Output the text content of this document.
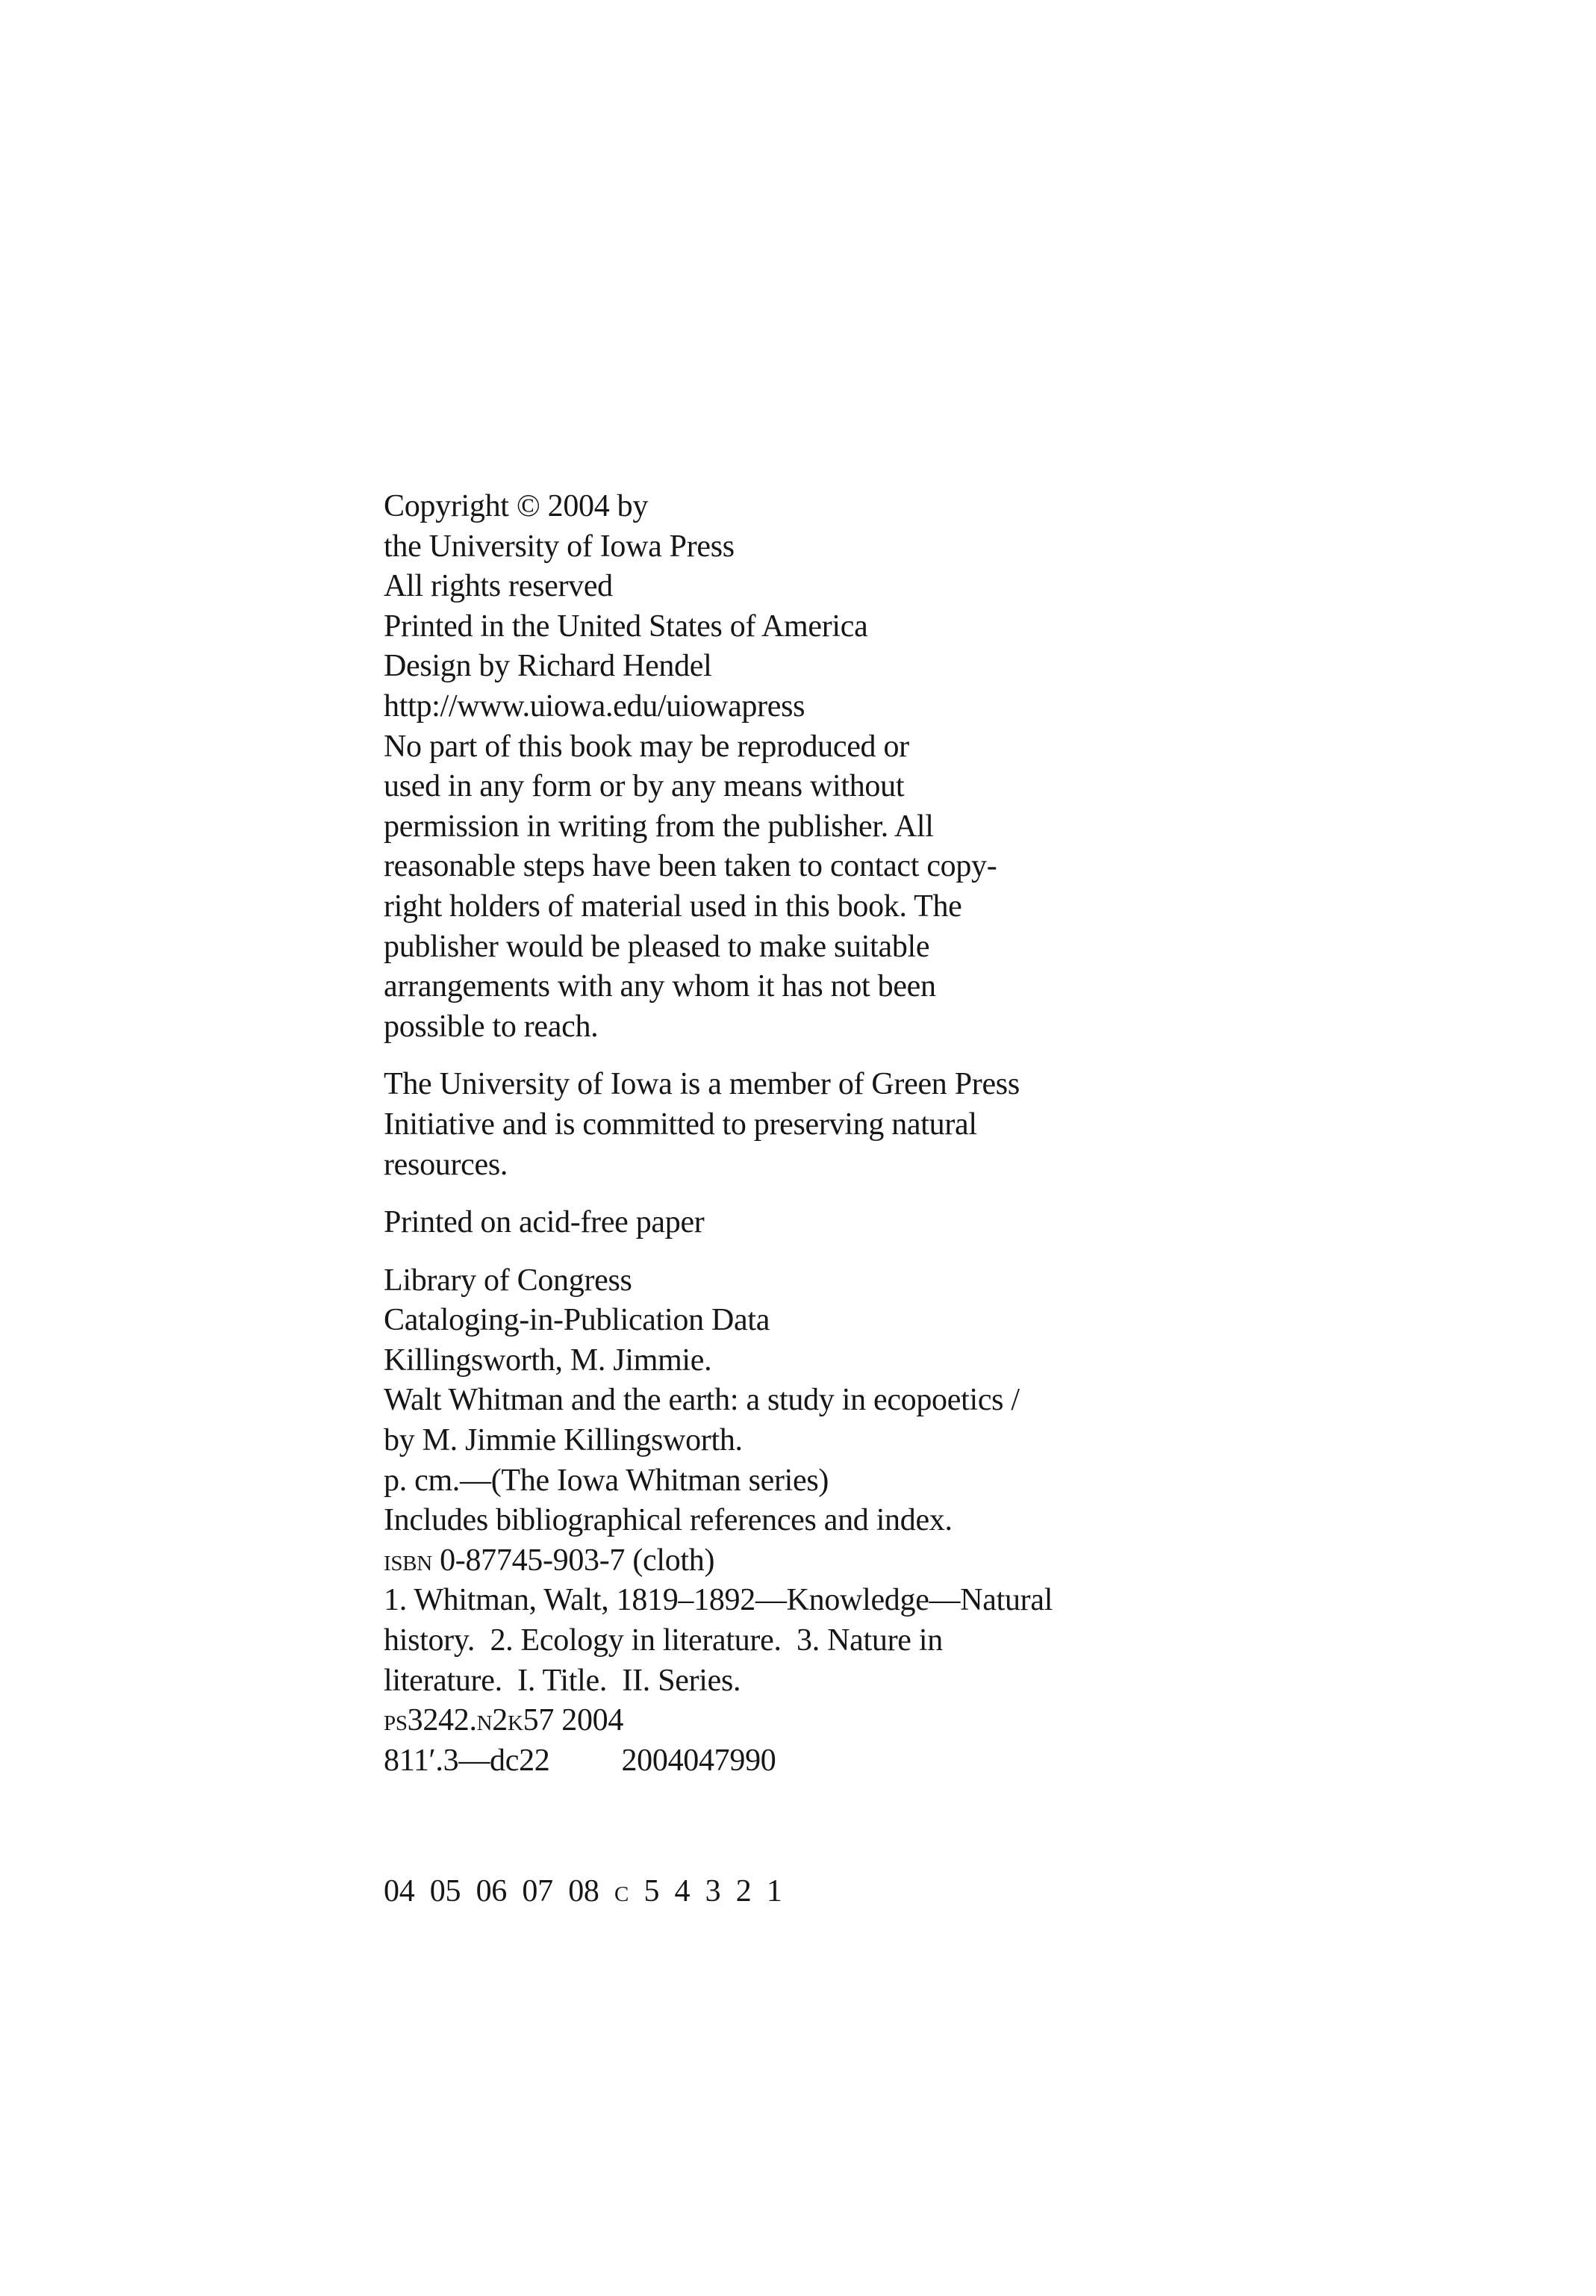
Copyright © 2004 by
the University of Iowa Press
All rights reserved
Printed in the United States of America
Design by Richard Hendel
http://www.uiowa.edu/uiowapress
No part of this book may be reproduced or
used in any form or by any means without
permission in writing from the publisher. All
reasonable steps have been taken to contact copy-
right holders of material used in this book. The
publisher would be pleased to make suitable
arrangements with any whom it has not been
possible to reach.
The University of Iowa is a member of Green Press
Initiative and is committed to preserving natural
resources.
Printed on acid-free paper
Library of Congress
Cataloging-in-Publication Data
Killingsworth, M. Jimmie.
Walt Whitman and the earth: a study in ecopoetics /
by M. Jimmie Killingsworth.
p. cm.—(The Iowa Whitman series)
Includes bibliographical references and index.
isbn 0-87745-903-7 (cloth)
1. Whitman, Walt, 1819–1892—Knowledge—Natural
history.  2. Ecology in literature.  3. Nature in
literature.  I. Title.  II. Series.
ps3242.n2k57 2004
811′.3—dc22 2004047990
04  05  06  07  08  c  5  4  3  2  1
